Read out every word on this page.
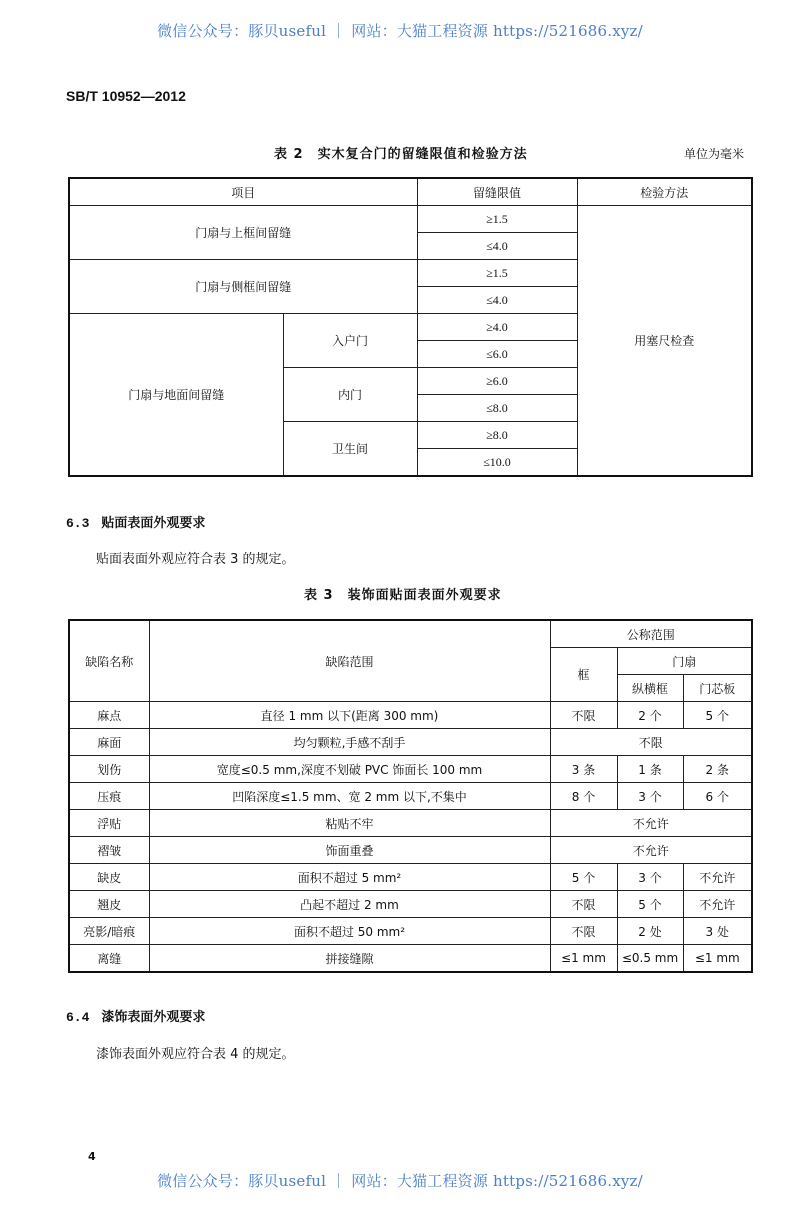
微信公众号：豚贝useful ｜ 网站：大猫工程资源 https://521686.xyz/
SB/T 10952—2012
表 2　实木复合门的留缝限值和检验方法	单位为毫米
项目		留缝限值	检验方法
门扇与上框间留缝		≥1.5	用塞尺检查
		≤4.0	
门扇与侧框间留缝		≥1.5	
		≤4.0	
门扇与地面间留缝	入户门	≥4.0	
		≤6.0	
	内门	≥6.0	
		≤8.0	
	卫生间	≥8.0	
		≤10.0	
6.3 贴面表面外观要求
贴面表面外观应符合表 3 的规定。
表 3　装饰面贴面表面外观要求
缺陷名称	缺陷范围	公称范围		
		框	门扇	
			纵横框	门芯板
麻点	直径 1 mm 以下(距离 300 mm)	不限	2 个	5 个
麻面	均匀颗粒,手感不刮手	不限		
划伤	宽度≤0.5 mm,深度不划破 PVC 饰面长 100 mm	3 条	1 条	2 条
压痕	凹陷深度≤1.5 mm、宽 2 mm 以下,不集中	8 个	3 个	6 个
浮贴	粘贴不牢	不允许		
褶皱	饰面重叠	不允许		
缺皮	面积不超过 5 mm²	5 个	3 个	不允许
翘皮	凸起不超过 2 mm	不限	5 个	不允许
亮影/暗痕	面积不超过 50 mm²	不限	2 处	3 处
离缝	拼接缝隙	≤1 mm	≤0.5 mm	≤1 mm
6.4 漆饰表面外观要求
漆饰表面外观应符合表 4 的规定。
4
微信公众号：豚贝useful ｜ 网站：大猫工程资源 https://521686.xyz/
